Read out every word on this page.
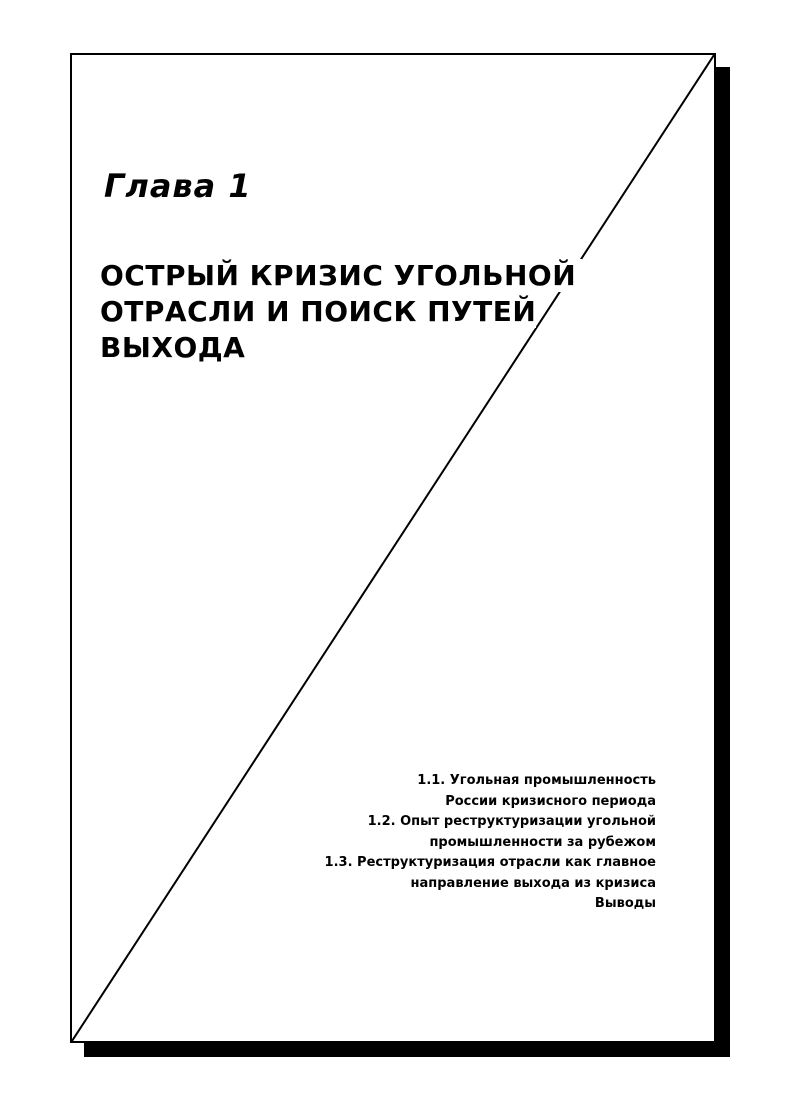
Глава 1
ОСТРЫЙ КРИЗИС УГОЛЬНОЙ
ОТРАСЛИ И ПОИСК ПУТЕЙ ВЫХОДА
1.1. Угольная промышленность
России кризисного периода
1.2. Опыт реструктуризации угольной
промышленности за рубежом
1.3. Реструктуризация отрасли как главное
направление выхода из кризиса
Выводы
